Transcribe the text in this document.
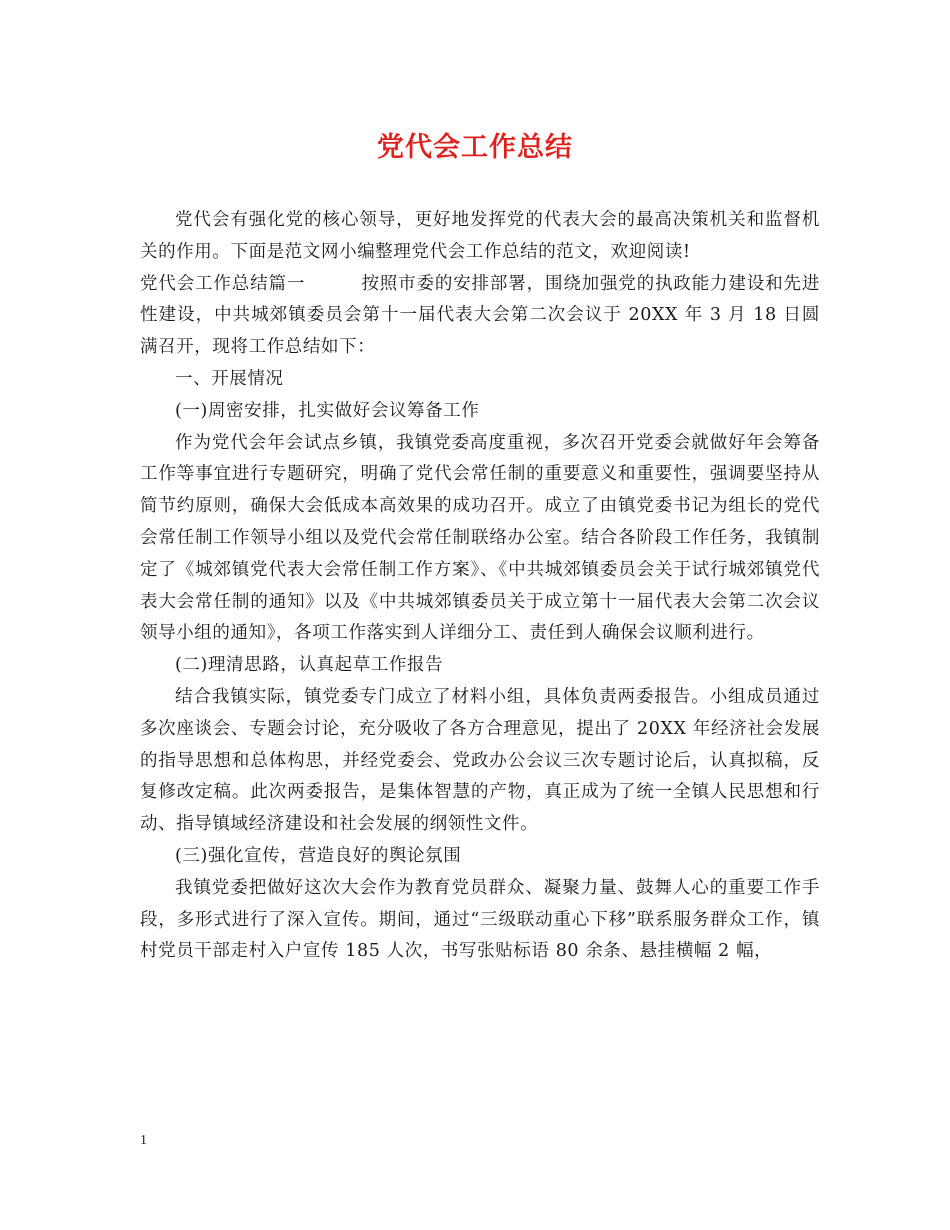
党代会工作总结

党代会有强化党的核心领导，更好地发挥党的代表大会的最高决策机关和监督机关的作用。下面是范文网小编整理党代会工作总结的范文，欢迎阅读!

党代会工作总结篇一	按照市委的安排部署，围绕加强党的执政能力建设和先进性建设，中共城郊镇委员会第十一届代表大会第二次会议于 20XX 年 3 月 18 日圆满召开，现将工作总结如下：

一、开展情况

(一)周密安排，扎实做好会议筹备工作

作为党代会年会试点乡镇，我镇党委高度重视，多次召开党委会就做好年会筹备工作等事宜进行专题研究，明确了党代会常任制的重要意义和重要性，强调要坚持从简节约原则，确保大会低成本高效果的成功召开。成立了由镇党委书记为组长的党代会常任制工作领导小组以及党代会常任制联络办公室。结合各阶段工作任务，我镇制定了《城郊镇党代表大会常任制工作方案》、《中共城郊镇委员会关于试行城郊镇党代表大会常任制的通知》以及《中共城郊镇委员关于成立第十一届代表大会第二次会议领导小组的通知》，各项工作落实到人详细分工、责任到人确保会议顺利进行。

(二)理清思路，认真起草工作报告

结合我镇实际，镇党委专门成立了材料小组，具体负责两委报告。小组成员通过多次座谈会、专题会讨论，充分吸收了各方合理意见，提出了 20XX 年经济社会发展的指导思想和总体构思，并经党委会、党政办公会议三次专题讨论后，认真拟稿，反复修改定稿。此次两委报告，是集体智慧的产物，真正成为了统一全镇人民思想和行动、指导镇域经济建设和社会发展的纲领性文件。

(三)强化宣传，营造良好的舆论氛围

我镇党委把做好这次大会作为教育党员群众、凝聚力量、鼓舞人心的重要工作手段，多形式进行了深入宣传。期间，通过“三级联动重心下移”联系服务群众工作，镇村党员干部走村入户宣传 185 人次，书写张贴标语 80 余条、悬挂横幅 2 幅，

1
